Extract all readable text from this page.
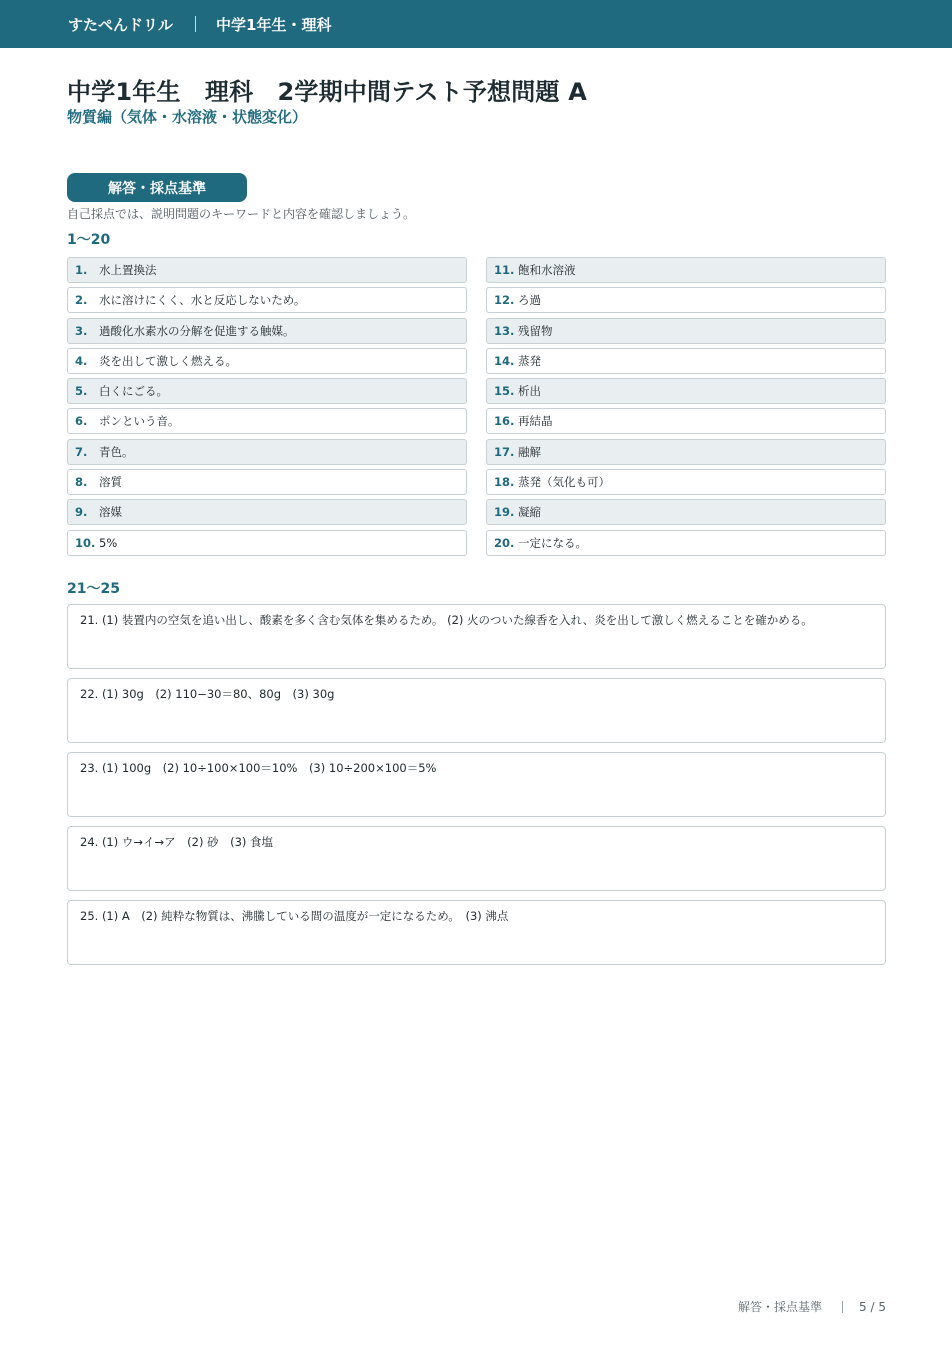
すたぺんドリル	中学1年生・理科
中学1年生　理科　2学期中間テスト予想問題 A
物質編（気体・水溶液・状態変化）
解答・採点基準
自己採点では、説明問題のキーワードと内容を確認しましょう。
1〜20
1.	水上置換法
2.	水に溶けにくく、水と反応しないため。
3.	過酸化水素水の分解を促進する触媒。
4.	炎を出して激しく燃える。
5.	白くにごる。
6.	ポンという音。
7.	青色。
8.	溶質
9.	溶媒
10. 5%
11. 飽和水溶液
12. ろ過
13. 残留物
14. 蒸発
15. 析出
16. 再結晶
17. 融解
18. 蒸発（気化も可）
19. 凝縮
20. 一定になる。
21〜25
21. (1) 装置内の空気を追い出し、酸素を多く含む気体を集めるため。 (2) 火のついた線香を入れ、炎を出して激しく燃えることを確かめる。
22. (1) 30g　(2) 110−30＝80、80g　(3) 30g
23. (1) 100g　(2) 10÷100×100＝10%　(3) 10÷200×100＝5%
24. (1) ウ→イ→ア　(2) 砂　(3) 食塩
25. (1) A　(2) 純粋な物質は、沸騰している間の温度が一定になるため。　(3) 沸点
解答・採点基準	5 / 5
